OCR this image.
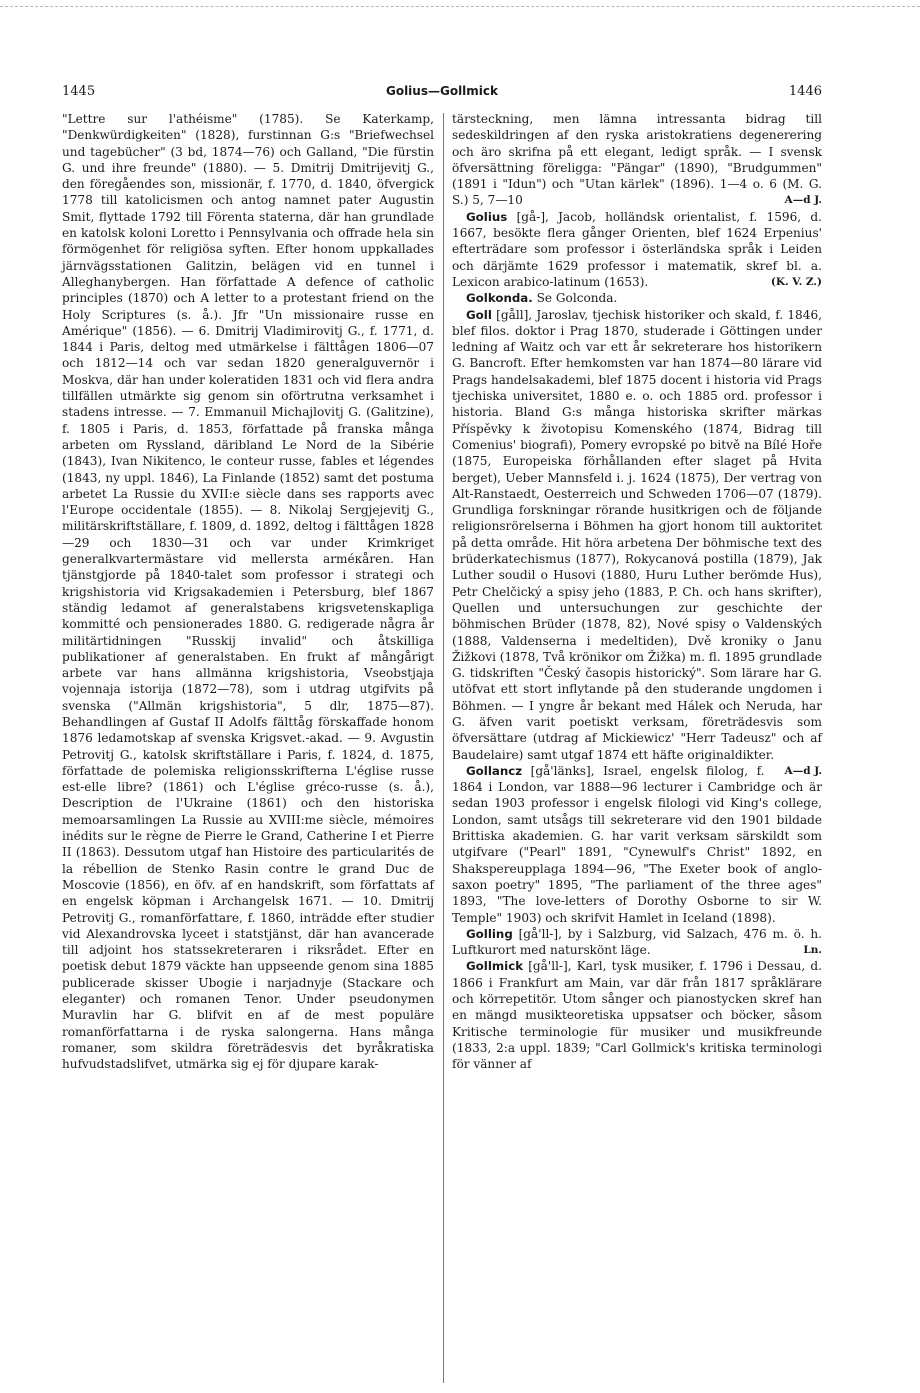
1445	Golius—Gollmick	1446

"Lettre sur l'athéisme" (1785). Se Katerkamp, "Denkwürdigkeiten" (1828), furstinnan G:s "Briefwechsel und tagebücher" (3 bd, 1874—76) och Galland, "Die fürstin G. und ihre freunde" (1880). — 5. Dmitrij Dmitrijevitj G., den föregåendes son, missionär, f. 1770, d. 1840, öfvergick 1778 till katolicismen och antog namnet pater Augustin Smit, flyttade 1792 till Förenta staterna, där han grundlade en katolsk koloni Loretto i Pennsylvania och offrade hela sin förmögenhet för religiösa syften. Efter honom uppkallades järnvägsstationen Galitzin, belägen vid en tunnel i Alleghanybergen. Han författade A defence of catholic principles (1870) och A letter to a protestant friend on the Holy Scriptures (s. å.). Jfr "Un missionaire russe en Amérique" (1856). — 6. Dmitrij Vladimirovitj G., f. 1771, d. 1844 i Paris, deltog med utmärkelse i fälttågen 1806—07 och 1812—14 och var sedan 1820 generalguvernör i Moskva, där han under koleratiden 1831 och vid flera andra tillfällen utmärkte sig genom sin oförtrutna verksamhet i stadens intresse. — 7. Emmanuil Michajlovitj G. (Galitzine), f. 1805 i Paris, d. 1853, författade på franska många arbeten om Ryssland, däribland Le Nord de la Sibérie (1843), Ivan Nikitenco, le conteur russe, fables et légendes (1843, ny uppl. 1846), La Finlande (1852) samt det postuma arbetet La Russie du XVII:e siècle dans ses rapports avec l'Europe occidentale (1855). — 8. Nikolaj Sergjejevitj G., militärskriftställare, f. 1809, d. 1892, deltog i fälttågen 1828—29 och 1830—31 och var under Krimkriget generalkvartermästare vid mellersta arméкåren. Han tjänstgjorde på 1840-talet som professor i strategi och krigshistoria vid Krigsakademien i Petersburg, blef 1867 ständig ledamot af generalstabens krigsvetenskapliga kommitté och pensionerades 1880. G. redigerade några år militärtidningen "Russkij invalid" och åtskilliga publikationer af generalstaben. En frukt af mångårigt arbete var hans allmänna krigshistoria, Vseobstjaja vojennaja istorija (1872—78), som i utdrag utgifvits på svenska ("Allmän krigshistoria", 5 dlr, 1875—87). Behandlingen af Gustaf II Adolfs fälttåg förskaffade honom 1876 ledamotskap af svenska Krigsvet.-akad. — 9. Avgustin Petrovitj G., katolsk skriftställare i Paris, f. 1824, d. 1875, författade de polemiska religionsskrifterna L'église russe est-elle libre? (1861) och L'église gréco-russe (s. å.), Description de l'Ukraine (1861) och den historiska memoarsamlingen La Russie au XVIII:me siècle, mémoires inédits sur le règne de Pierre le Grand, Catherine I et Pierre II (1863). Dessutom utgaf han Histoire des particularités de la rébellion de Stenko Rasin contre le grand Duc de Moscovie (1856), en öfv. af en handskrift, som författats af en engelsk köpman i Archangelsk 1671. — 10. Dmitrij Petrovitj G., romanförfattare, f. 1860, inträdde efter studier vid Alexandrovska lyceet i statstjänst, där han avancerade till adjoint hos statssekreteraren i riksrådet. Efter en poetisk debut 1879 väckte han uppseende genom sina 1885 publicerade skisser Ubogie i narjadnyje (Stackare och eleganter) och romanen Tenor. Under pseudonymen Muravlin har G. blifvit en af de mest populäre romanförfattarna i de ryska salongerna. Hans många romaner, som skildra företrädesvis det byråkratiska hufvudstadslifvet, utmärka sig ej för djupare karak-

tärsteckning, men lämna intressanta bidrag till sedeskildringen af den ryska aristokratiens degenerering och äro skrifna på ett elegant, ledigt språk. — I svensk öfversättning föreligga: "Pängar" (1890), "Brudgummen" (1891 i "Idun") och "Utan kärlek" (1896). 1—4 o. 6 (M. G. S.) 5, 7—10	A—d J.

Golius [gå-], Jacob, holländsk orientalist, f. 1596, d. 1667, besökte flera gånger Orienten, blef 1624 Erpenius' efterträdare som professor i österländska språk i Leiden och därjämte 1629 professor i matematik, skref bl. a. Lexicon arabico-latinum (1653).	(K. V. Z.)

Golkonda. Se Golconda.

Goll [gåll], Jaroslav, tjechisk historiker och skald, f. 1846, blef filos. doktor i Prag 1870, studerade i Göttingen under ledning af Waitz och var ett år sekreterare hos historikern G. Bancroft. Efter hemkomsten var han 1874—80 lärare vid Prags handelsakademi, blef 1875 docent i historia vid Prags tjechiska universitet, 1880 e. o. och 1885 ord. professor i historia. Bland G:s många historiska skrifter märkas Příspěvky k životopisu Komenského (1874, Bidrag till Comenius' biografi), Pomery evropské po bitvě na Bílé Hoře (1875, Europeiska förhållanden efter slaget på Hvita berget), Ueber Mannsfeld i. j. 1624 (1875), Der vertrag von Alt-Ranstaedt, Oesterreich und Schweden 1706—07 (1879). Grundliga forskningar rörande husitkrigen och de följande religionsrörelserna i Böhmen ha gjort honom till auktoritet på detta område. Hit höra arbetena Der böhmische text des brüderkatechismus (1877), Rokycanová postilla (1879), Jak Luther soudil o Husovi (1880, Huru Luther berömde Hus), Petr Chelčický a spisy jeho (1883, P. Ch. och hans skrifter), Quellen und untersuchungen zur geschichte der böhmischen Brüder (1878, 82), Nové spisy o Valdenských (1888, Valdenserna i medeltiden), Dvě kroniky o Janu Žižkovi (1878, Två krönikor om Žižka) m. fl. 1895 grundlade G. tidskriften "Český časopis historický". Som lärare har G. utöfvat ett stort inflytande på den studerande ungdomen i Böhmen. — I yngre år bekant med Hálek och Neruda, har G. äfven varit poetiskt verksam, företrädesvis som öfversättare (utdrag af Mickiewicz' "Herr Tadeusz" och af Baudelaire) samt utgaf 1874 ett häfte originaldikter.
A—d J.

Gollancz [gå'länks], Israel, engelsk filolog, f. 1864 i London, var 1888—96 lecturer i Cambridge och är sedan 1903 professor i engelsk filologi vid King's college, London, samt utsågs till sekreterare vid den 1901 bildade Brittiska akademien. G. har varit verksam särskildt som utgifvare ("Pearl" 1891, "Cynewulf's Christ" 1892, en Shakspereupplaga 1894—96, "The Exeter book of anglo-saxon poetry" 1895, "The parliament of the three ages" 1893, "The love-letters of Dorothy Osborne to sir W. Temple" 1903) och skrifvit Hamlet in Iceland (1898).

Golling [gå'll-], by i Salzburg, vid Salzach, 476 m. ö. h. Luftkurort med naturskönt läge.	Ln.

Gollmick [gå'll-], Karl, tysk musiker, f. 1796 i Dessau, d. 1866 i Frankfurt am Main, var där från 1817 språklärare och körrepetitör. Utom sånger och pianostycken skref han en mängd musikteoretiska uppsatser och böcker, såsom Kritische terminologie für musiker und musikfreunde (1833, 2:a uppl. 1839; "Carl Gollmick's kritiska terminologi för vänner af
